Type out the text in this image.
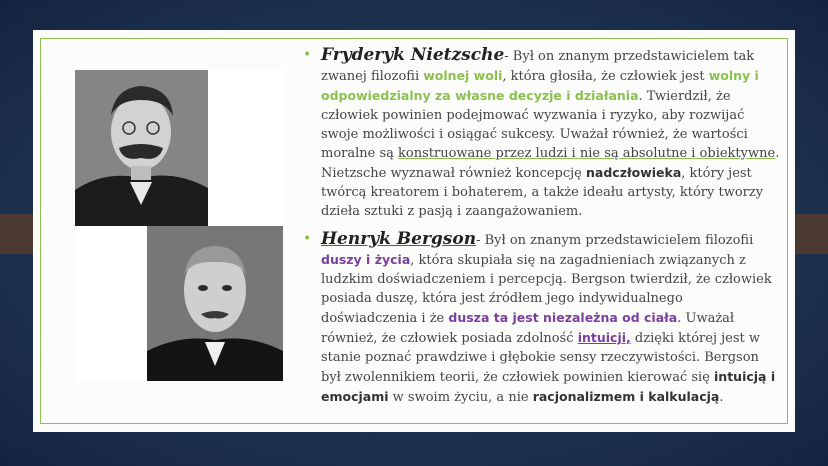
• Fryderyk Nietzsche- Był on znanym przedstawicielem tak zwanej filozofii wolnej woli, która głosiła, że człowiek jest wolny i odpowiedzialny za własne decyzje i działania. Twierdził, że człowiek powinien podejmować wyzwania i ryzyko, aby rozwijać swoje możliwości i osiągać sukcesy. Uważał również, że wartości moralne są konstruowane przez ludzi i nie są absolutne i obiektywne. Nietzsche wyznawał również koncepcję nadczłowieka, który jest twórcą kreatorem i bohaterem, a także ideału artysty, który tworzy dzieła sztuki z pasją i zaangażowaniem.

• Henryk Bergson- Był on znanym przedstawicielem filozofii duszy i życia, która skupiała się na zagadnieniach związanych z ludzkim doświadczeniem i percepcją. Bergson twierdził, że człowiek posiada duszę, która jest źródłem jego indywidualnego doświadczenia i że dusza ta jest niezależna od ciała. Uważał również, że człowiek posiada zdolność intuicji, dzięki której jest w stanie poznać prawdziwe i głębokie sensy rzeczywistości. Bergson był zwolennikiem teorii, że człowiek powinien kierować się intuicją i emocjami w swoim życiu, a nie racjonalizmem i kalkulacją.
